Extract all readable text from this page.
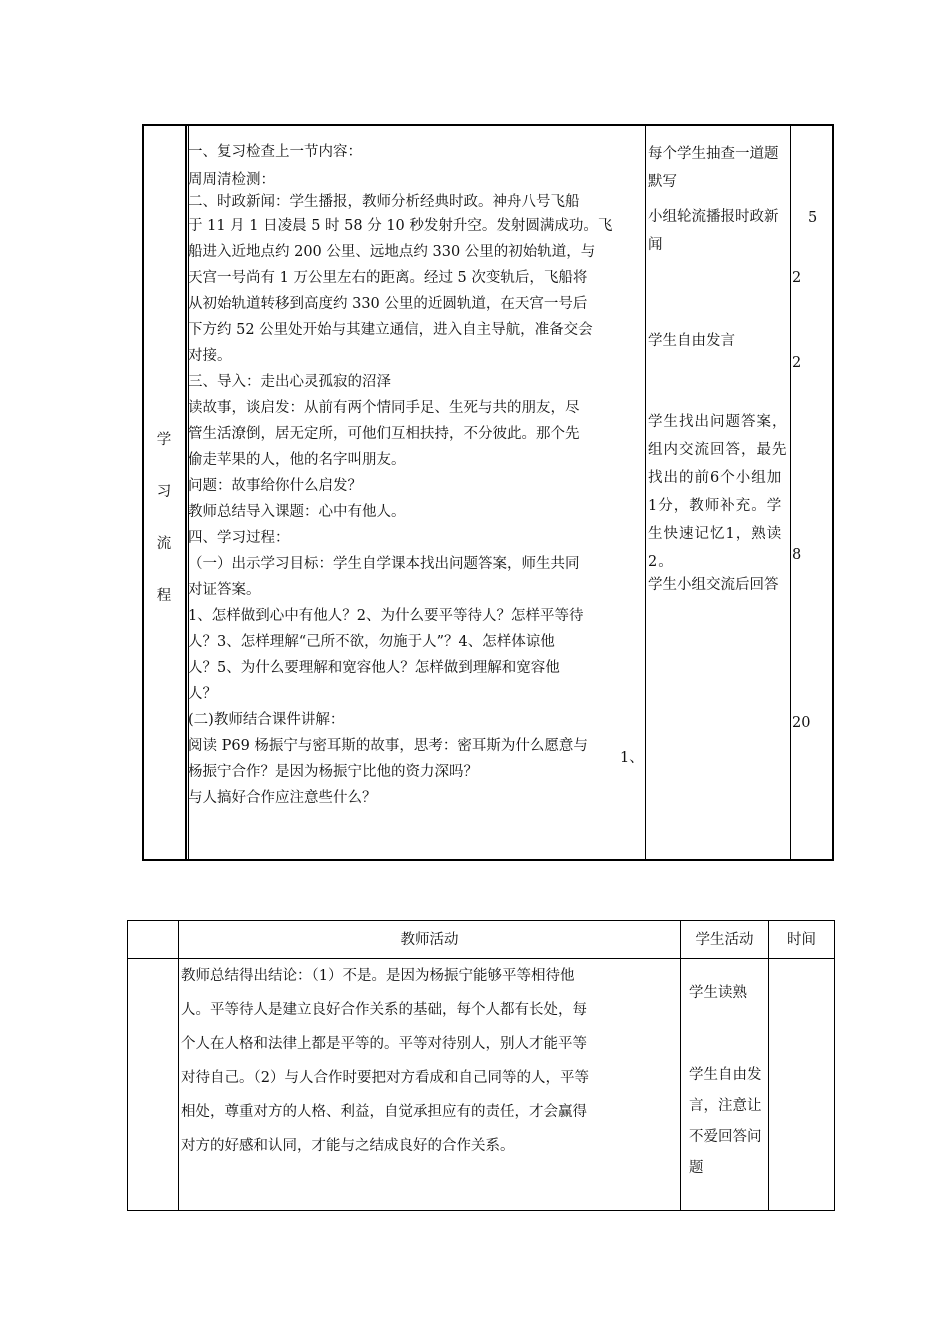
学
习
流
程

一、复习检查上一节内容：

周周清检测：

二、时政新闻：学生播报，教师分析经典时政。神舟八号飞船

于 11 月 1 日凌晨 5 时 58 分 10 秒发射升空。发射圆满成功。飞

船进入近地点约 200 公里、远地点约 330 公里的初始轨道，与

天宫一号尚有 1 万公里左右的距离。经过 5 次变轨后，飞船将

从初始轨道转移到高度约 330 公里的近圆轨道，在天宫一号后

下方约 52 公里处开始与其建立通信，进入自主导航，准备交会

对接。

三、导入：走出心灵孤寂的沼泽

读故事，谈启发：从前有两个情同手足、生死与共的朋友，尽

管生活潦倒，居无定所，可他们互相扶持，不分彼此。那个先

偷走苹果的人，他的名字叫朋友。

问题：故事给你什么启发？

教师总结导入课题：心中有他人。

四、学习过程：

（一）出示学习目标：学生自学课本找出问题答案，师生共同

对证答案。

1、怎样做到心中有他人？2、为什么要平等待人？怎样平等待

人？3、怎样理解“己所不欲，勿施于人”？4、怎样体谅他

人？5、为什么要理解和宽容他人？怎样做到理解和宽容他

人？

(二)教师结合课件讲解：

阅读 P69 杨振宁与密耳斯的故事，思考：密耳斯为什么愿意与

杨振宁合作？是因为杨振宁比他的资力深吗？

与人搞好合作应注意些什么？

1、
每个学生抽查一道题默写
小组轮流播报时政新闻
学生自由发言
学生找出问题答案，组内交流回答，最先找出的前6个小组加1分，教师补充。学生快速记忆1，熟读2。
学生小组交流后回答
5
2
2
8
20
教师活动	学生活动	时间

教师总结得出结论：（1）不是。是因为杨振宁能够平等相待他

人。平等待人是建立良好合作关系的基础，每个人都有长处，每

个人在人格和法律上都是平等的。平等对待别人，别人才能平等

对待自己。（2）与人合作时要把对方看成和自己同等的人，平等

相处，尊重对方的人格、利益，自觉承担应有的责任，才会赢得

对方的好感和认同，才能与之结成良好的合作关系。

学生读熟
学生自由发言，注意让不爱回答问题
